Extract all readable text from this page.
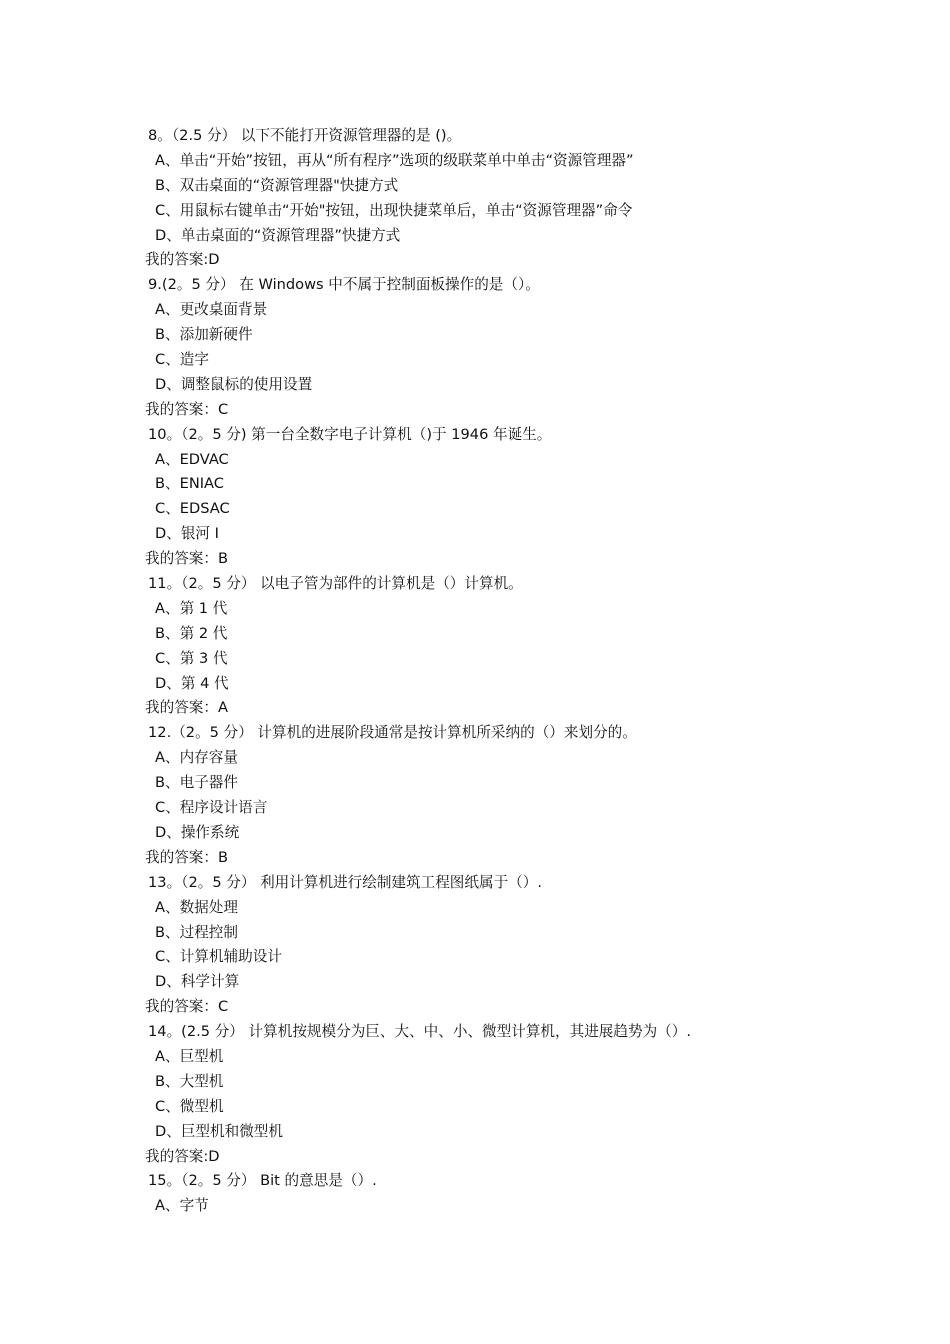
8。（2.5 分） 以下不能打开资源管理器的是 ()。
A、单击“开始”按钮，再从“所有程序”选项的级联菜单中单击“资源管理器”
B、双击桌面的“资源管理器"快捷方式
C、用鼠标右键单击“开始"按钮，出现快捷菜单后，单击“资源管理器”命令
D、单击桌面的“资源管理器”快捷方式
我的答案:D
9.(2。5 分） 在 Windows 中不属于控制面板操作的是（）。
A、更改桌面背景
B、添加新硬件
C、造字
D、调整鼠标的使用设置
我的答案：C
10。（2。5 分) 第一台全数字电子计算机（)于 1946 年诞生。
A、EDVAC
B、ENIAC
C、EDSAC
D、银河 I
我的答案：B
11。（2。5 分） 以电子管为部件的计算机是（）计算机。
A、第 1 代
B、第 2 代
C、第 3 代
D、第 4 代
我的答案：A
12.（2。5 分） 计算机的进展阶段通常是按计算机所采纳的（）来划分的。
A、内存容量
B、电子器件
C、程序设计语言
D、操作系统
我的答案：B
13。（2。5 分） 利用计算机进行绘制建筑工程图纸属于（）.
A、数据处理
B、过程控制
C、计算机辅助设计
D、科学计算
我的答案：C
14。(2.5 分） 计算机按规模分为巨、大、中、小、微型计算机，其进展趋势为（）.
A、巨型机
B、大型机
C、微型机
D、巨型机和微型机
我的答案:D
15。（2。5 分） Bit 的意思是（）.
A、字节
